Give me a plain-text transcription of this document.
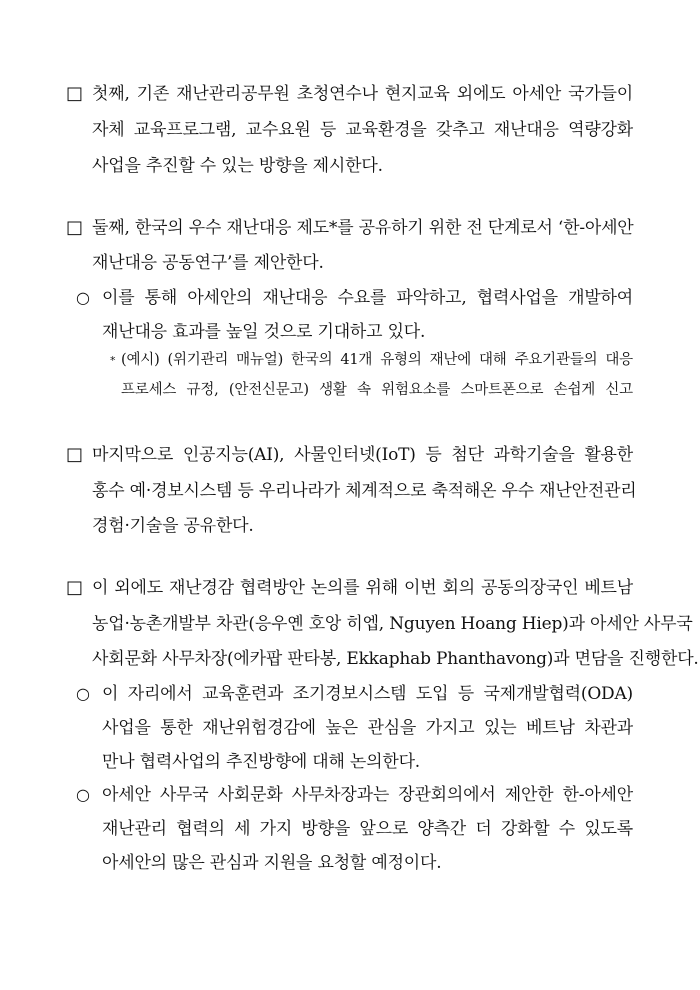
□ 첫째, 기존 재난관리공무원 초청연수나 현지교육 외에도 아세안 국가들이
자체 교육프로그램, 교수요원 등 교육환경을 갖추고 재난대응 역량강화
사업을 추진할 수 있는 방향을 제시한다.
□ 둘째, 한국의 우수 재난대응 제도*를 공유하기 위한 전 단계로서 ‘한-아세안
재난대응 공동연구’를 제안한다.
○ 이를 통해 아세안의 재난대응 수요를 파악하고, 협력사업을 개발하여
재난대응 효과를 높일 것으로 기대하고 있다.
* (예시) (위기관리 매뉴얼) 한국의 41개 유형의 재난에 대해 주요기관들의 대응
프로세스 규정, (안전신문고) 생활 속 위험요소를 스마트폰으로 손쉽게 신고
□ 마지막으로 인공지능(AI), 사물인터넷(IoT) 등 첨단 과학기술을 활용한
홍수 예·경보시스템 등 우리나라가 체계적으로 축적해온 우수 재난안전관리
경험·기술을 공유한다.
□ 이 외에도 재난경감 협력방안 논의를 위해 이번 회의 공동의장국인 베트남
농업·농촌개발부 차관(응우옌 호앙 히엡, Nguyen Hoang Hiep)과 아세안 사무국
사회문화 사무차장(에카팝 판타봉, Ekkaphab Phanthavong)과 면담을 진행한다.
○ 이 자리에서 교육훈련과 조기경보시스템 도입 등 국제개발협력(ODA)
사업을 통한 재난위험경감에 높은 관심을 가지고 있는 베트남 차관과
만나 협력사업의 추진방향에 대해 논의한다.
○ 아세안 사무국 사회문화 사무차장과는 장관회의에서 제안한 한-아세안
재난관리 협력의 세 가지 방향을 앞으로 양측간 더 강화할 수 있도록
아세안의 많은 관심과 지원을 요청할 예정이다.
